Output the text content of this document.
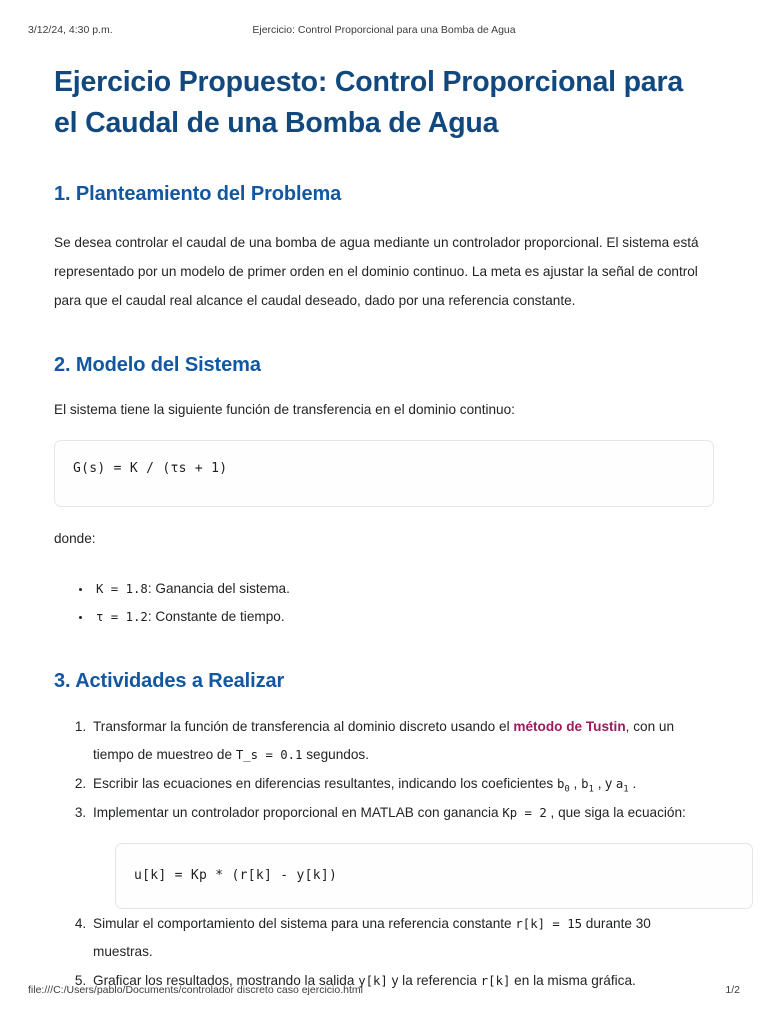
3/12/24, 4:30 p.m.	Ejercicio: Control Proporcional para una Bomba de Agua
Ejercicio Propuesto: Control Proporcional para el Caudal de una Bomba de Agua
1. Planteamiento del Problema

Se desea controlar el caudal de una bomba de agua mediante un controlador proporcional. El sistema está representado por un modelo de primer orden en el dominio continuo. La meta es ajustar la señal de control para que el caudal real alcance el caudal deseado, dado por una referencia constante.

2. Modelo del Sistema

El sistema tiene la siguiente función de transferencia en el dominio continuo:

G(s) = K / (τs + 1)

donde:

• K = 1.8: Ganancia del sistema.
• τ = 1.2: Constante de tiempo.
3. Actividades a Realizar
1. Transformar la función de transferencia al dominio discreto usando el método de Tustin, con un tiempo de muestreo de T_s = 0.1 segundos.
2. Escribir las ecuaciones en diferencias resultantes, indicando los coeficientes $b_0$ , $b_1$ , y $a_1$ .
3. Implementar un controlador proporcional en MATLAB con ganancia Kp = 2 , que siga la ecuación:
u[k] = Kp * (r[k] - y[k])
4. Simular el comportamiento del sistema para una referencia constante r[k] = 15 durante 30 muestras.
5. Graficar los resultados, mostrando la salida y[k] y la referencia r[k] en la misma gráfica.
file:///C:/Users/pablo/Documents/controlador discreto caso ejercicio.html	1/2
